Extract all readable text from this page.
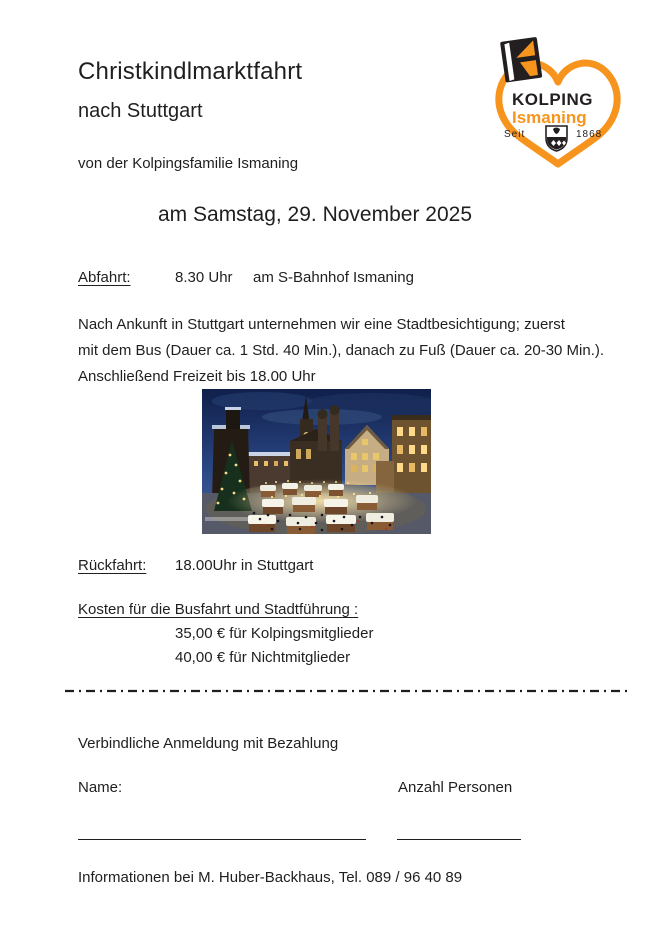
Christkindlmarktfahrt
nach Stuttgart
von der Kolpingsfamilie Ismaning
am Samstag, 29. November 2025
KOLPING
Ismaning
Seit	1868
Abfahrt:	8.30 Uhr am S-Bahnhof Ismaning
Nach Ankunft in Stuttgart unternehmen wir eine Stadtbesichtigung; zuerst
mit dem Bus (Dauer ca. 1 Std. 40 Min.), danach zu Fuß (Dauer ca. 20-30 Min.).
Anschließend Freizeit bis 18.00 Uhr
Rückfahrt: 18.00Uhr in Stuttgart
Kosten für die Busfahrt und Stadtführung :
35,00 € für Kolpingsmitglieder
40,00 € für Nichtmitglieder
Verbindliche Anmeldung mit Bezahlung
Name:	Anzahl Personen
Informationen bei M. Huber-Backhaus, Tel. 089 / 96 40 89
